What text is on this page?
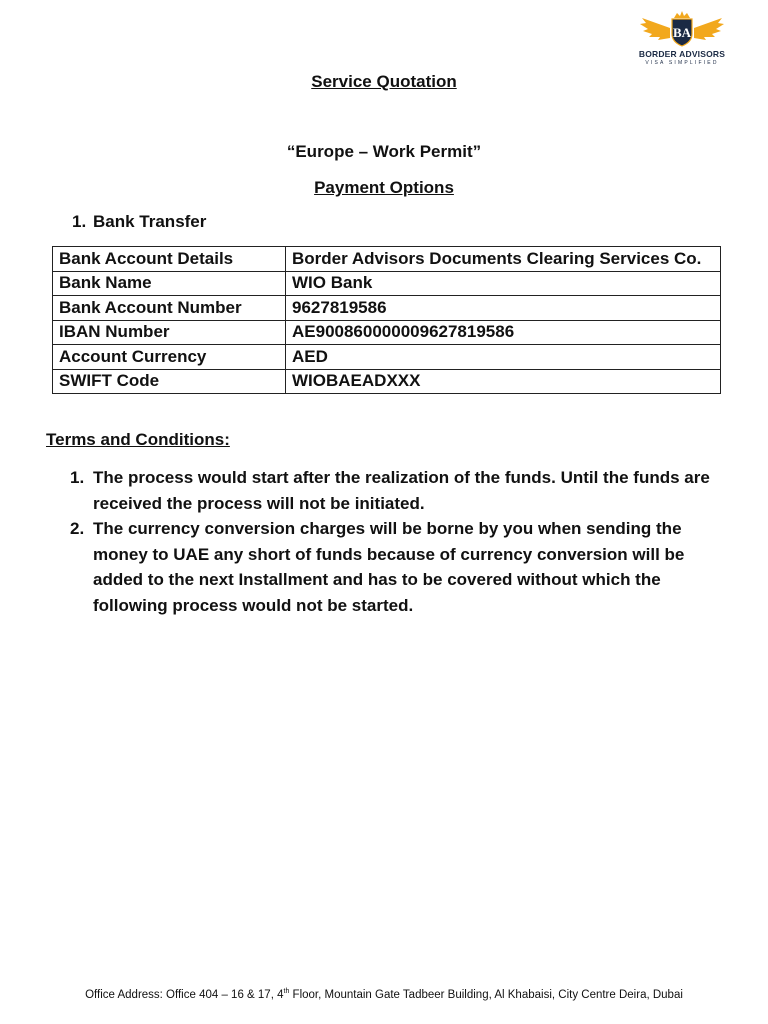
BA
BORDER ADVISORS
VISA SIMPLIFIED
Service Quotation
“Europe – Work Permit”
Payment Options
1. Bank Transfer
Bank Account Details	Border Advisors Documents Clearing Services Co.
Bank Name	WIO Bank
Bank Account Number	9627819586
IBAN Number	AE900860000009627819586
Account Currency	AED
SWIFT Code	WIOBAEADXXX
Terms and Conditions:
1. The process would start after the realization of the funds. Until the funds are received the process will not be initiated.
2. The currency conversion charges will be borne by you when sending the money to UAE any short of funds because of currency conversion will be added to the next Installment and has to be covered without which the following process would not be started.
Office Address: Office 404 – 16 & 17, 4th Floor, Mountain Gate Tadbeer Building, Al Khabaisi, City Centre Deira, Dubai
